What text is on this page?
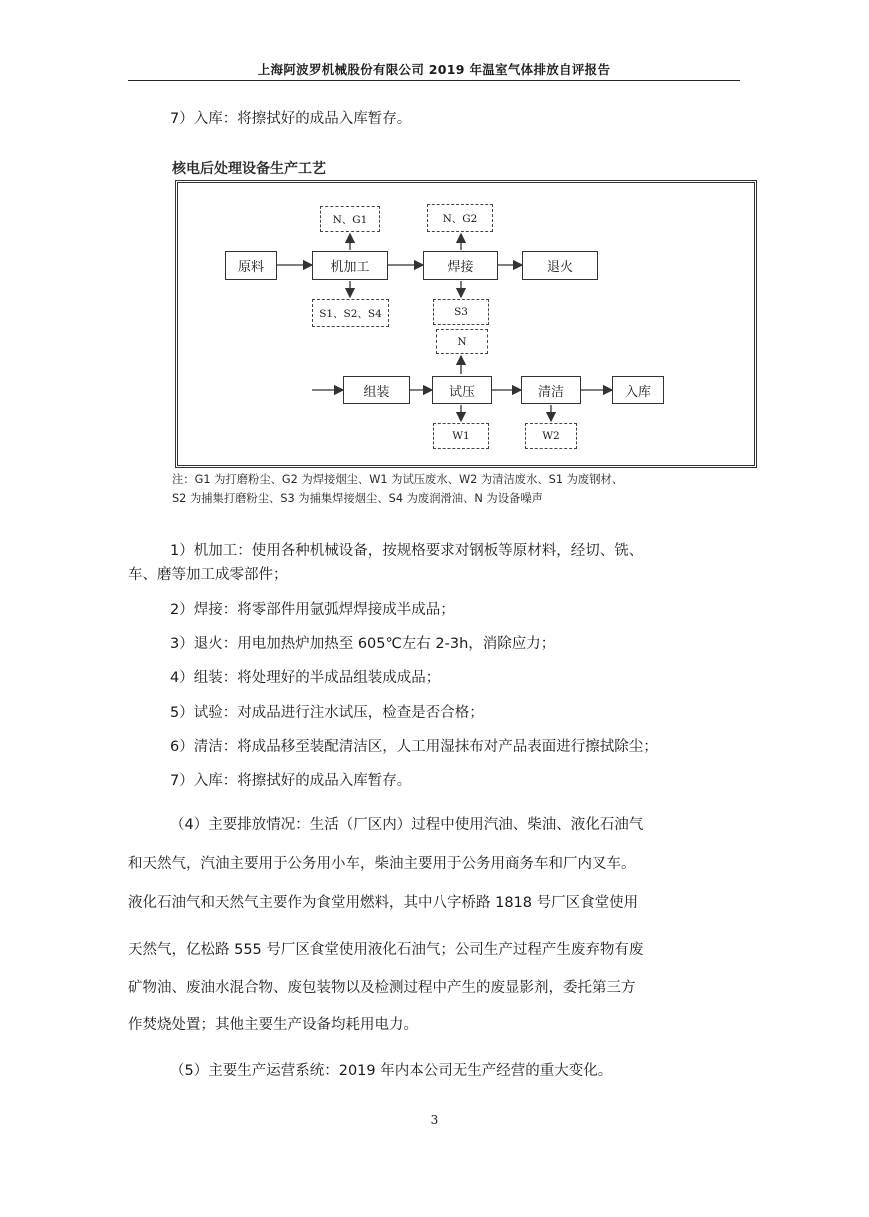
上海阿波罗机械股份有限公司 2019 年温室气体排放自评报告
7）入库：将擦拭好的成品入库暂存。
核电后处理设备生产工艺
原料	机加工	焊接	退火
N、G1	N、G2
S1、S2、S4	S3
N
组装	试压	清洁	入库
W1	W2
注：G1 为打磨粉尘、G2 为焊接烟尘、W1 为试压废水、W2 为清洁废水、S1 为废钢材、
S2 为捕集打磨粉尘、S3 为捕集焊接烟尘、S4 为废润滑油、N 为设备噪声
1）机加工：使用各种机械设备，按规格要求对钢板等原材料，经切、铣、
车、磨等加工成零部件；
2）焊接：将零部件用氩弧焊焊接成半成品；
3）退火：用电加热炉加热至 605℃左右 2-3h，消除应力；
4）组装：将处理好的半成品组装成成品；
5）试验：对成品进行注水试压，检查是否合格；
6）清洁：将成品移至装配清洁区，人工用湿抹布对产品表面进行擦拭除尘；
7）入库：将擦拭好的成品入库暂存。
（4）主要排放情况：生活（厂区内）过程中使用汽油、柴油、液化石油气
和天然气，汽油主要用于公务用小车，柴油主要用于公务用商务车和厂内叉车。
液化石油气和天然气主要作为食堂用燃料，其中八字桥路 1818 号厂区食堂使用
天然气，亿松路 555 号厂区食堂使用液化石油气；公司生产过程产生废弃物有废
矿物油、废油水混合物、废包装物以及检测过程中产生的废显影剂，委托第三方
作焚烧处置；其他主要生产设备均耗用电力。
（5）主要生产运营系统：2019 年内本公司无生产经营的重大变化。
3
